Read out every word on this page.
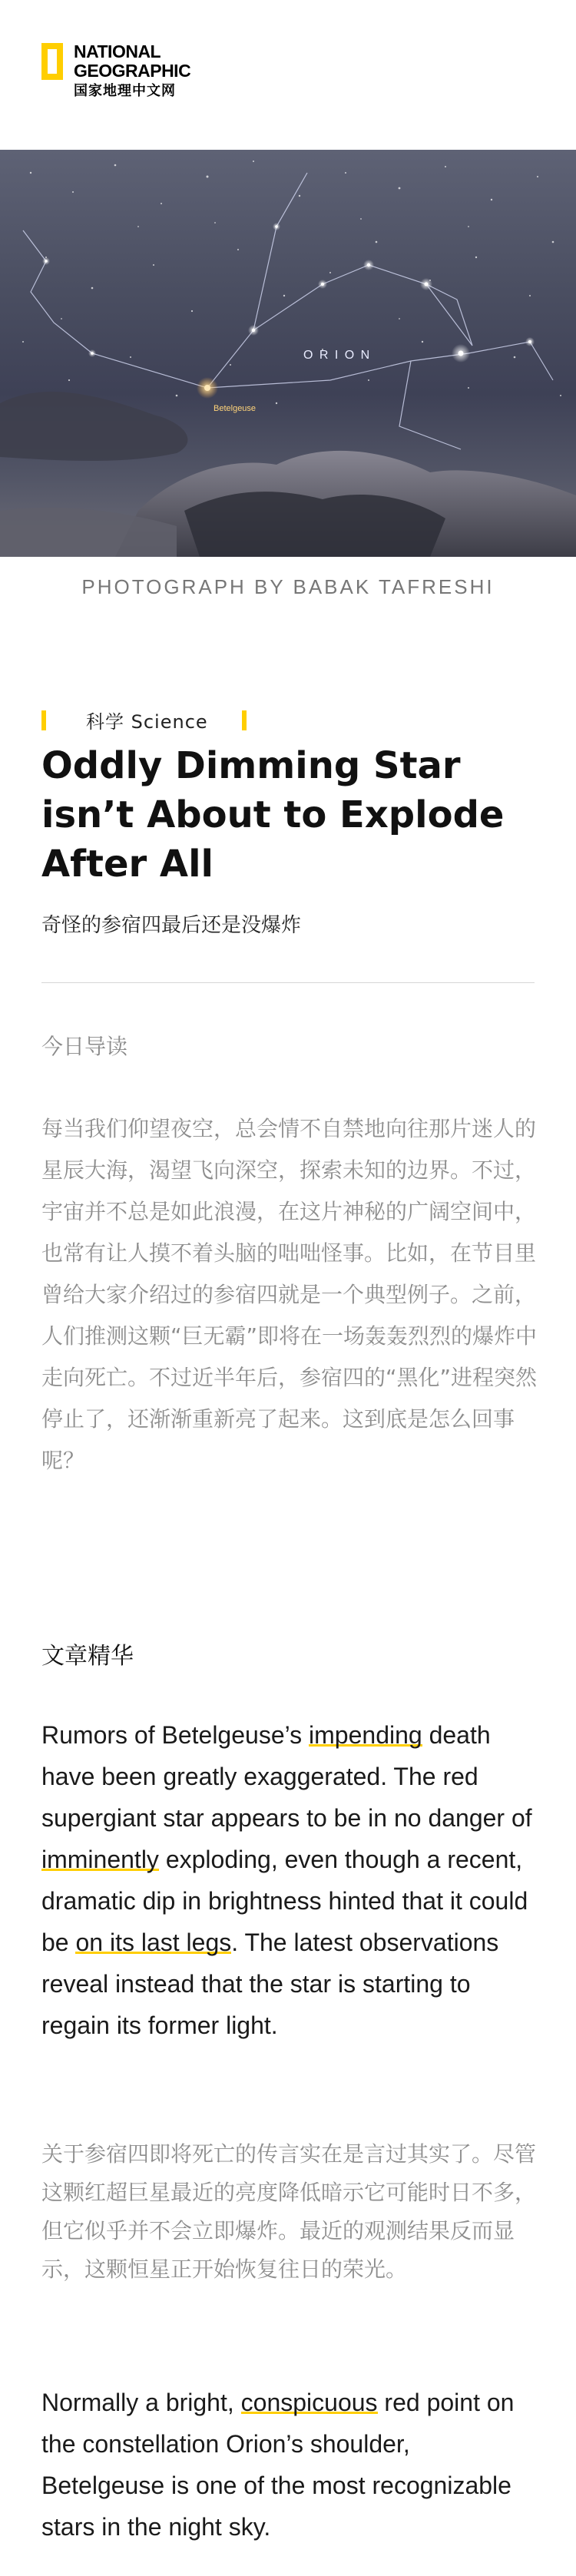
NATIONAL
GEOGRAPHIC
国家地理中文网
O R I O N
Betelgeuse
PHOTOGRAPH BY BABAK TAFRESHI
科学 Science
Oddly Dimming Star isn’t About to Explode After All
奇怪的参宿四最后还是没爆炸
今日导读

每当我们仰望夜空，总会情不自禁地向往那片迷人的星辰大海，渴望飞向深空，探索未知的边界。不过，宇宙并不总是如此浪漫，在这片神秘的广阔空间中，也常有让人摸不着头脑的咄咄怪事。比如，在节目里曾给大家介绍过的参宿四就是一个典型例子。之前，人们推测这颗“巨无霸”即将在一场轰轰烈烈的爆炸中走向死亡。不过近半年后，参宿四的“黑化”进程突然停止了，还渐渐重新亮了起来。这到底是怎么回事呢？

文章精华

Rumors of Betelgeuse’s impending death have been greatly exaggerated. The red supergiant star appears to be in no danger of imminently exploding, even though a recent, dramatic dip in brightness hinted that it could be on its last legs. The latest observations reveal instead that the star is starting to regain its former light.

关于参宿四即将死亡的传言实在是言过其实了。尽管这颗红超巨星最近的亮度降低暗示它可能时日不多，但它似乎并不会立即爆炸。最近的观测结果反而显示，这颗恒星正开始恢复往日的荣光。

Normally a bright, conspicuous red point on the constellation Orion’s shoulder, Betelgeuse is one of the most recognizable stars in the night sky.
